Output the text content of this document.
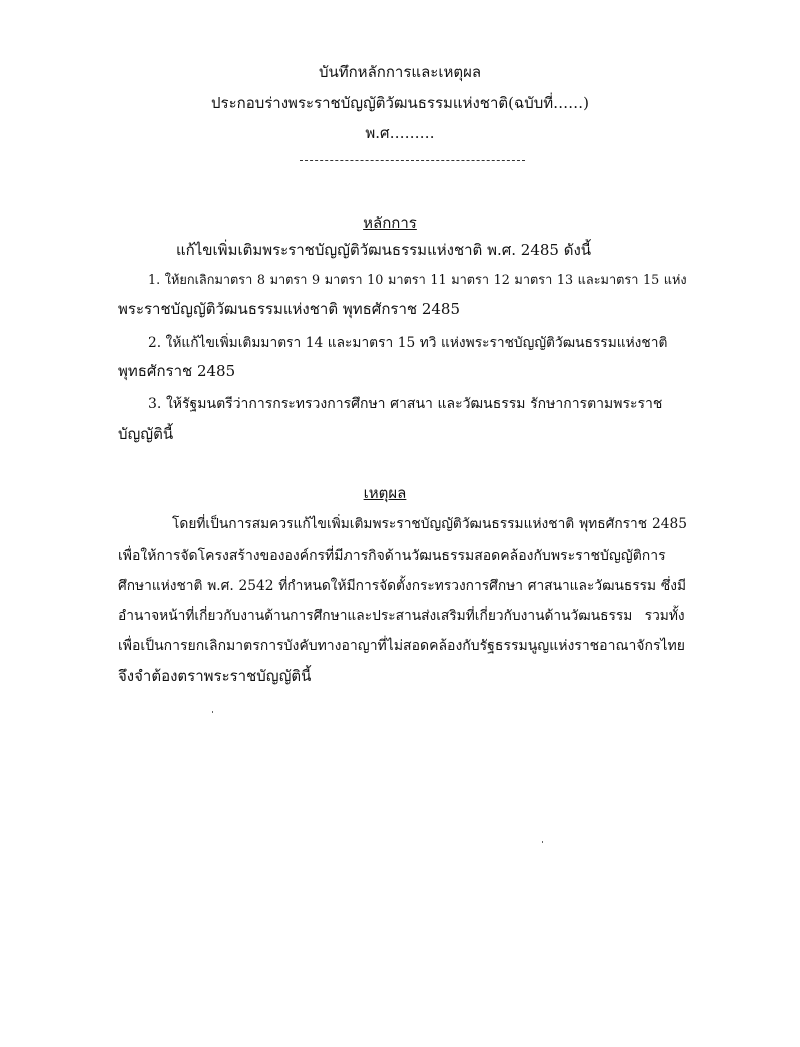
บันทึกหลักการและเหตุผล
ประกอบร่างพระราชบัญญัติวัฒนธรรมแห่งชาติ(ฉบับที่……)
พ.ศ………
หลักการ
แก้ไขเพิ่มเติมพระราชบัญญัติวัฒนธรรมแห่งชาติ พ.ศ. 2485 ดังนี้
1. ให้ยกเลิกมาตรา 8 มาตรา 9 มาตรา 10 มาตรา 11 มาตรา 12 มาตรา 13 และมาตรา 15 แห่ง
พระราชบัญญัติวัฒนธรรมแห่งชาติ พุทธศักราช 2485
2. ให้แก้ไขเพิ่มเติมมาตรา 14 และมาตรา 15 ทวิ แห่งพระราชบัญญัติวัฒนธรรมแห่งชาติ
พุทธศักราช 2485
3. ให้รัฐมนตรีว่าการกระทรวงการศึกษา ศาสนา และวัฒนธรรม รักษาการตามพระราช
บัญญัตินี้
เหตุผล
โดยที่เป็นการสมควรแก้ไขเพิ่มเติมพระราชบัญญัติวัฒนธรรมแห่งชาติ พุทธศักราช 2485
เพื่อให้การจัดโครงสร้างขององค์กรที่มีภารกิจด้านวัฒนธรรมสอดคล้องกับพระราชบัญญัติการ
ศึกษาแห่งชาติ พ.ศ. 2542 ที่กำหนดให้มีการจัดตั้งกระทรวงการศึกษา ศาสนาและวัฒนธรรม ซึ่งมี
อำนาจหน้าที่เกี่ยวกับงานด้านการศึกษาและประสานส่งเสริมที่เกี่ยวกับงานด้านวัฒนธรรม รวมทั้ง
เพื่อเป็นการยกเลิกมาตรการบังคับทางอาญาที่ไม่สอดคล้องกับรัฐธรรมนูญแห่งราชอาณาจักรไทย
จึงจำต้องตราพระราชบัญญัตินี้
